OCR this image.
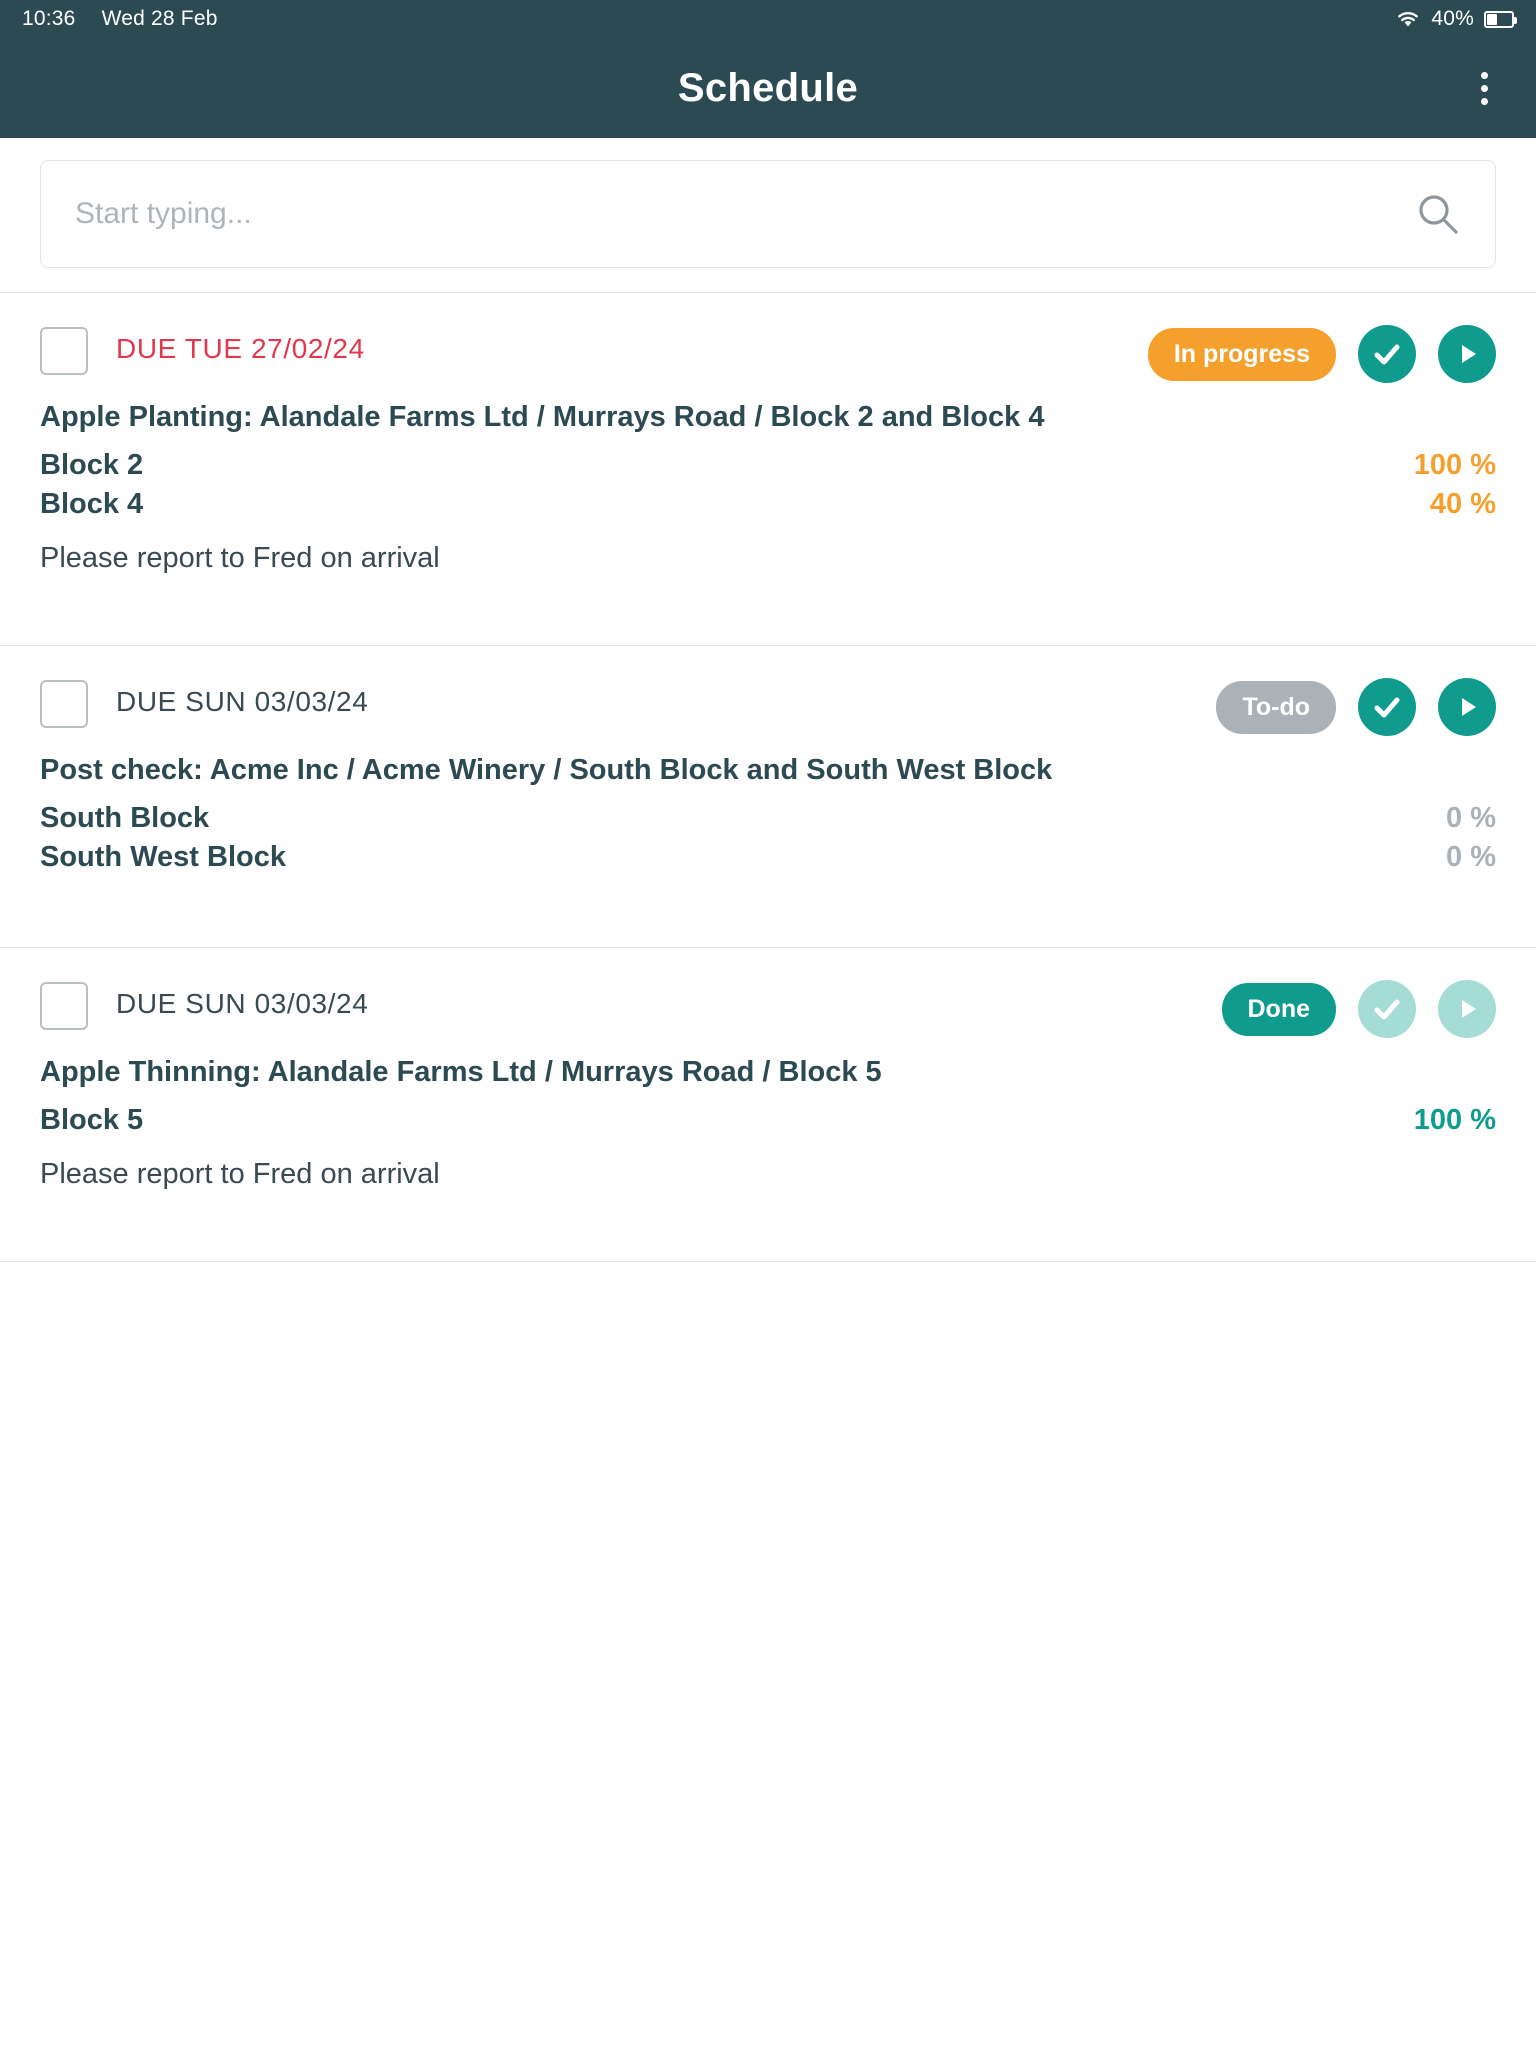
10:36 Wed 28 Feb	40%
Schedule
Start typing...
DUE TUE 27/02/24	In progress
Apple Planting: Alandale Farms Ltd / Murrays Road / Block 2 and Block 4
Block 2	100 %
Block 4	40 %
Please report to Fred on arrival
DUE SUN 03/03/24	To-do
Post check: Acme Inc / Acme Winery / South Block and South West Block
South Block	0 %
South West Block	0 %
DUE SUN 03/03/24	Done
Apple Thinning: Alandale Farms Ltd / Murrays Road / Block 5
Block 5	100 %
Please report to Fred on arrival
